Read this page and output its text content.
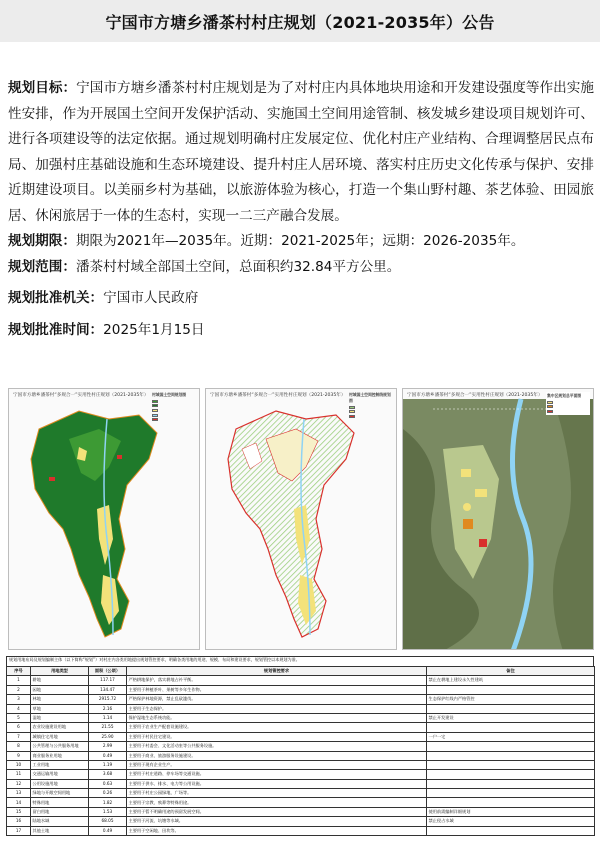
宁国市方塘乡潘茶村村庄规划（2021-2035年）公告

规划目标：宁国市方塘乡潘茶村村庄规划是为了对村庄内具体地块用途和开发建设强度等作出实施性安排，作为开展国土空间开发保护活动、实施国土空间用途管制、核发城乡建设项目规划许可、进行各项建设等的法定依据。通过规划明确村庄发展定位、优化村庄产业结构、合理调整居民点布局、加强村庄基础设施和生态环境建设、提升村庄人居环境、落实村庄历史文化传承与保护、安排近期建设项目。以美丽乡村为基础，以旅游体验为核心，打造一个集山野村趣、茶艺体验、田园旅居、休闲旅居于一体的生态村，实现一二三产融合发展。

规划期限：期限为2021年—2035年。近期：2021-2025年；远期：2026-2035年。

规划范围：潘茶村村域全部国土空间，总面积约32.84平方公里。

规划批准机关：宁国市人民政府

规划批准时间：2025年1月15日

宁国市方塘乡潘茶村“多规合一”实用性村庄规划（2021-2035年） 村域国土空间规划图	宁国市方塘乡潘茶村“多规合一”实用性村庄规划（2021-2035年） 村域国土空间控制线规划图
宁国市方塘乡潘茶村“多规合一”实用性村庄规划（2021-2035年） 集中区规划总平面图
规划用地布局及规划编制主体（以下简称“规划”）对村庄内各类用地提出规划管控要求，明确各类用地的用途、规模、布局和建设要求，规划管控以本规划为准。
序号	用地类型	面积（公顷）	规划管控要求	备注
1	耕地	117.17	严格耕地保护，落实耕地占补平衡。	禁止在耕地上建设永久性建筑
2	园地	134.47	主要用于种植茶叶、果树等多年生作物。	
3	林地	2915.72	严格保护林地资源，禁止乱砍滥伐。	生态保护红线内严格管控
4	草地	2.16	主要用于生态保护。	
5	湿地	1.14	保护湿地生态系统功能。	禁止开发建设
6	农业设施建设用地	21.55	主要用于农业生产配套设施建设。	
7	城镇住宅用地	25.90	主要用于村民住宅建设。	一户一宅
8	公共管理与公共服务用地	2.99	主要用于村委会、文化活动室等公共服务设施。	
9	商业服务业用地	0.49	主要用于商业、旅游服务设施建设。	
10	工业用地	1.19	主要用于现有企业生产。	
11	交通运输用地	3.68	主要用于村庄道路、停车场等交通设施。	
12	公用设施用地	0.63	主要用于供水、排水、电力等公用设施。	
13	绿地与开敞空间用地	0.26	主要用于村庄公园绿地、广场等。	
14	特殊用地	1.82	主要用于宗教、殡葬等特殊用途。	
15	留白用地	1.53	主要用于暂不明确用途的预留发展空间。	使用前需编制详细规划
16	陆地水域	68.05	主要用于河流、坑塘等水域。	禁止侵占水域
17	其他土地	0.49	主要用于空闲地、田坎等。	
